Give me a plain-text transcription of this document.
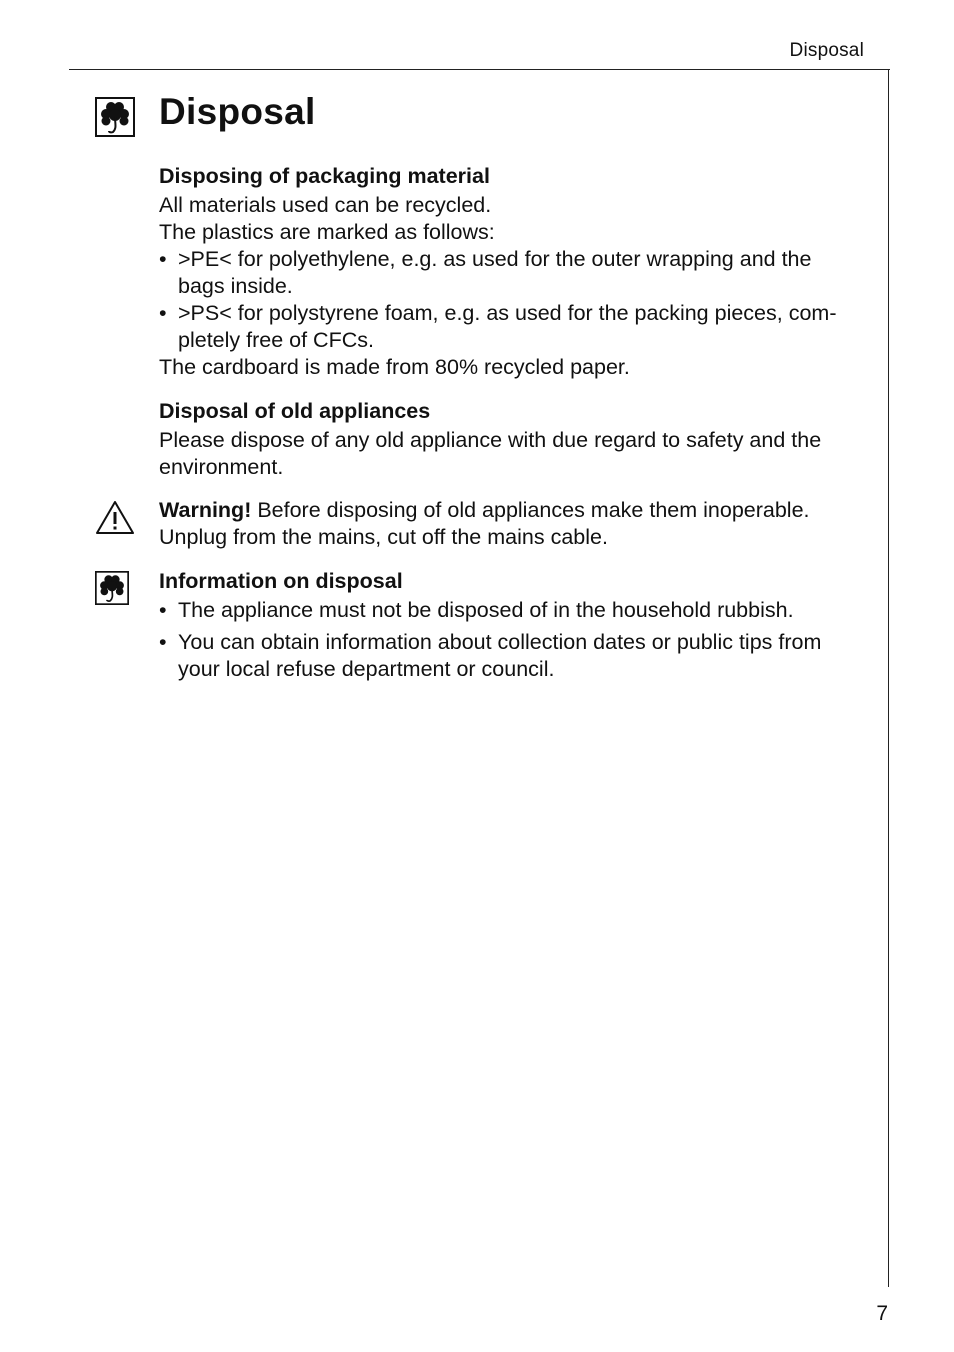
Disposal
Disposal
Disposing of packaging material

All materials used can be recycled.

The plastics are marked as follows:

• >PE< for polyethylene, e.g. as used for the outer wrapping and the bags inside.
• >PS< for polystyrene foam, e.g. as used for the packing pieces, com-pletely free of CFCs.

The cardboard is made from 80% recycled paper.

Disposal of old appliances

Please dispose of any old appliance with due regard to safety and the environment.

Warning! Before disposing of old appliances make them inoperable. Unplug from the mains, cut off the mains cable.

Information on disposal
• The appliance must not be disposed of in the household rubbish.
• You can obtain information about collection dates or public tips from your local refuse department or council.
7
